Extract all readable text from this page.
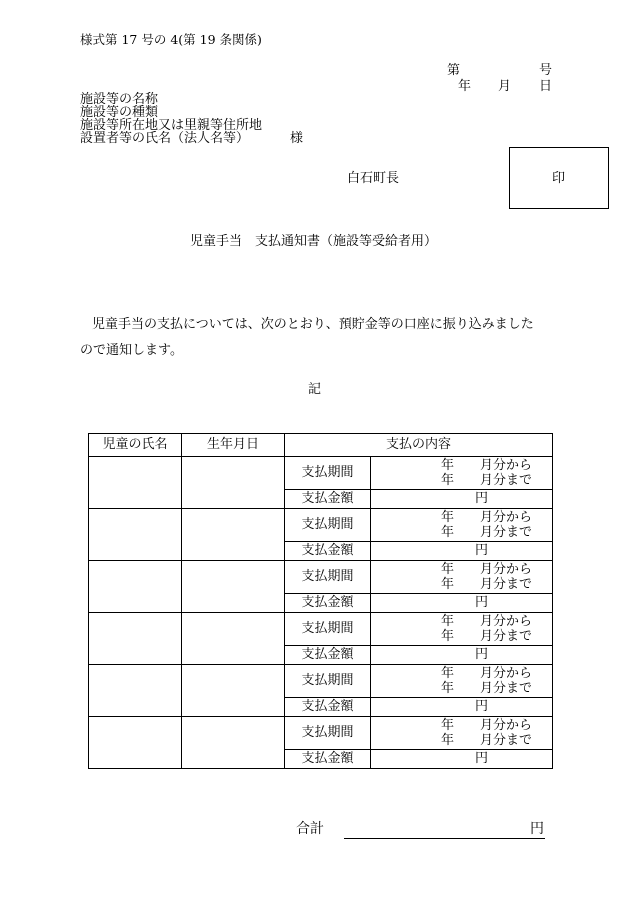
様式第 17 号の 4(第 19 条関係)
第	号
年 月 日
施設等の名称
施設等の種類
施設等所在地又は里親等住所地
設置者等の氏名（法人名等）	様
白石町長	印
児童手当　支払通知書（施設等受給者用）
児童手当の支払については、次のとおり、預貯金等の口座に振り込みました
ので通知します。
記
児童の氏名	生年月日	支払の内容	
		支払期間	年 月分から
年 月分まで

		支払金額	円
		支払期間	年 月分から
年 月分まで

		支払金額	円
		支払期間	年 月分から
年 月分まで

		支払金額	円
		支払期間	年 月分から
年 月分まで

		支払金額	円
		支払期間	年 月分から
年 月分まで

		支払金額	円
		支払期間	年 月分から
年 月分まで

		支払金額	円
合計	円
